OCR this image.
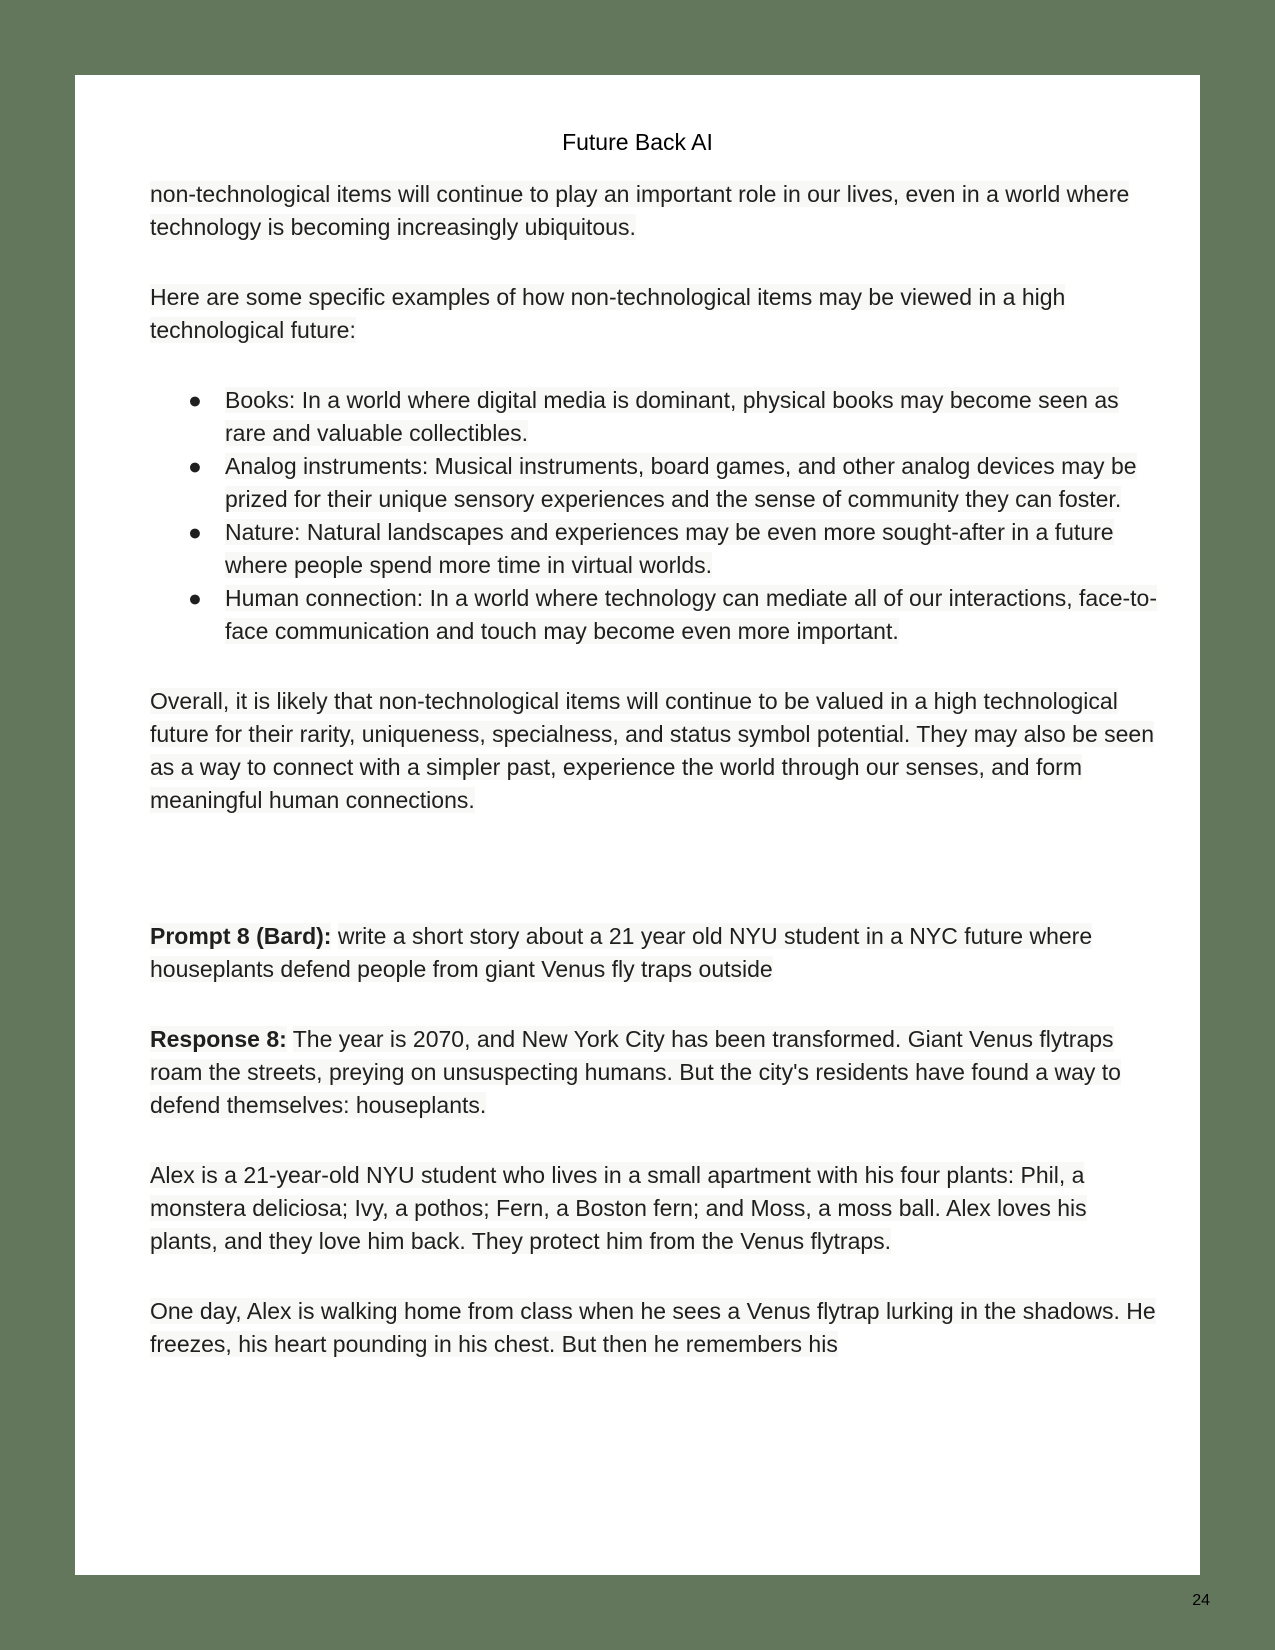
Future Back AI

non-technological items will continue to play an important role in our lives, even in a world where technology is becoming increasingly ubiquitous.

Here are some specific examples of how non-technological items may be viewed in a high technological future:

● Books: In a world where digital media is dominant, physical books may become seen as rare and valuable collectibles.
● Analog instruments: Musical instruments, board games, and other analog devices may be prized for their unique sensory experiences and the sense of community they can foster.
● Nature: Natural landscapes and experiences may be even more sought-after in a future where people spend more time in virtual worlds.
● Human connection: In a world where technology can mediate all of our interactions, face-to-face communication and touch may become even more important.

Overall, it is likely that non-technological items will continue to be valued in a high technological future for their rarity, uniqueness, specialness, and status symbol potential. They may also be seen as a way to connect with a simpler past, experience the world through our senses, and form meaningful human connections.

Prompt 8 (Bard): write a short story about a 21 year old NYU student in a NYC future where houseplants defend people from giant Venus fly traps outside

Response 8: The year is 2070, and New York City has been transformed. Giant Venus flytraps roam the streets, preying on unsuspecting humans. But the city's residents have found a way to defend themselves: houseplants.

Alex is a 21-year-old NYU student who lives in a small apartment with his four plants: Phil, a monstera deliciosa; Ivy, a pothos; Fern, a Boston fern; and Moss, a moss ball. Alex loves his plants, and they love him back. They protect him from the Venus flytraps.

One day, Alex is walking home from class when he sees a Venus flytrap lurking in the shadows. He freezes, his heart pounding in his chest. But then he remembers his

24
